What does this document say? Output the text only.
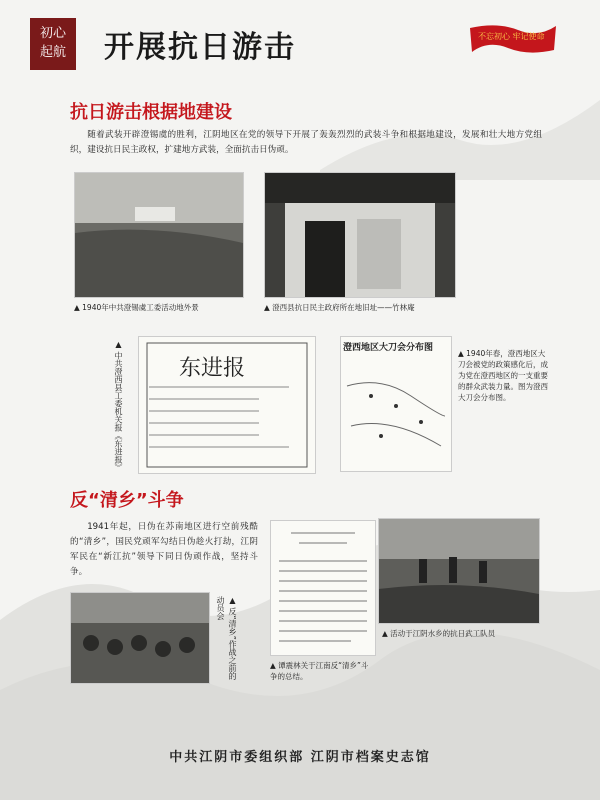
初心
起航	开展抗日游击	不忘初心 牢记使命
抗日游击根据地建设
随着武装开辟澄锡虞的胜利，江阴地区在党的领导下开展了轰轰烈烈的武装斗争和根据地建设，发展和壮大地方党组织，建设抗日民主政权，扩建地方武装，全面抗击日伪顽。
▲ 1940年中共澄锡虞工委活动地外景	▲ 澄西县抗日民主政府所在地旧址——竹林庵
东进报
▲ 中共澄西县工委机关报《东进报》	澄西地区大刀会分布图
▲ 1940年春，澄西地区大刀会被党的政策感化后，成为党在澄西地区的一支重要的群众武装力量。图为澄西大刀会分布图。
反“清乡”斗争
1941年起，日伪在苏南地区进行空前残酷的“清乡”，国民党顽军勾结日伪趁火打劫，江阴军民在“新江抗”领导下同日伪顽作战，坚持斗争。
▲ 反“清乡”作战之前的动员会
▲ 谭震林关于江南反“清乡”斗争的总结。
▲ 活动于江阴水乡的抗日武工队员
中共江阴市委组织部 江阴市档案史志馆
